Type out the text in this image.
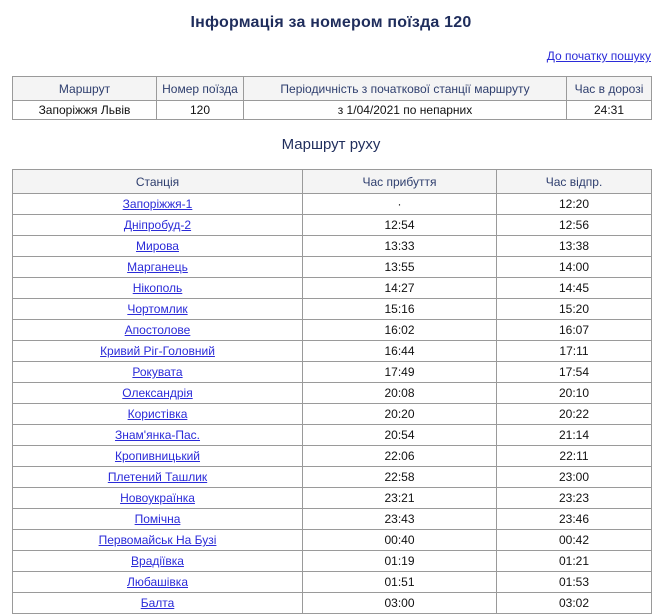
Інформація за номером поїзда 120
До початку пошуку
Маршрут	Номер поїзда	Періодичність з початкової станції маршруту	Час в дорозі
Запоріжжя Львів	120	з 1/04/2021 по непарних	24:31
Маршрут руху
Станція	Час прибуття	Час відпр.
Запоріжжя-1	·	12:20
Дніпробуд-2	12:54	12:56
Мирова	13:33	13:38
Марганець	13:55	14:00
Нікополь	14:27	14:45
Чортомлик	15:16	15:20
Апостолове	16:02	16:07
Кривий Ріг-Головний	16:44	17:11
Рокувата	17:49	17:54
Олександрія	20:08	20:10
Користівка	20:20	20:22
Знам'янка-Пас.	20:54	21:14
Кропивницький	22:06	22:11
Плетений Ташлик	22:58	23:00
Новоукраїнка	23:21	23:23
Помічна	23:43	23:46
Первомайськ На Бузі	00:40	00:42
Врадіївка	01:19	01:21
Любашівка	01:51	01:53
Балта	03:00	03:02
